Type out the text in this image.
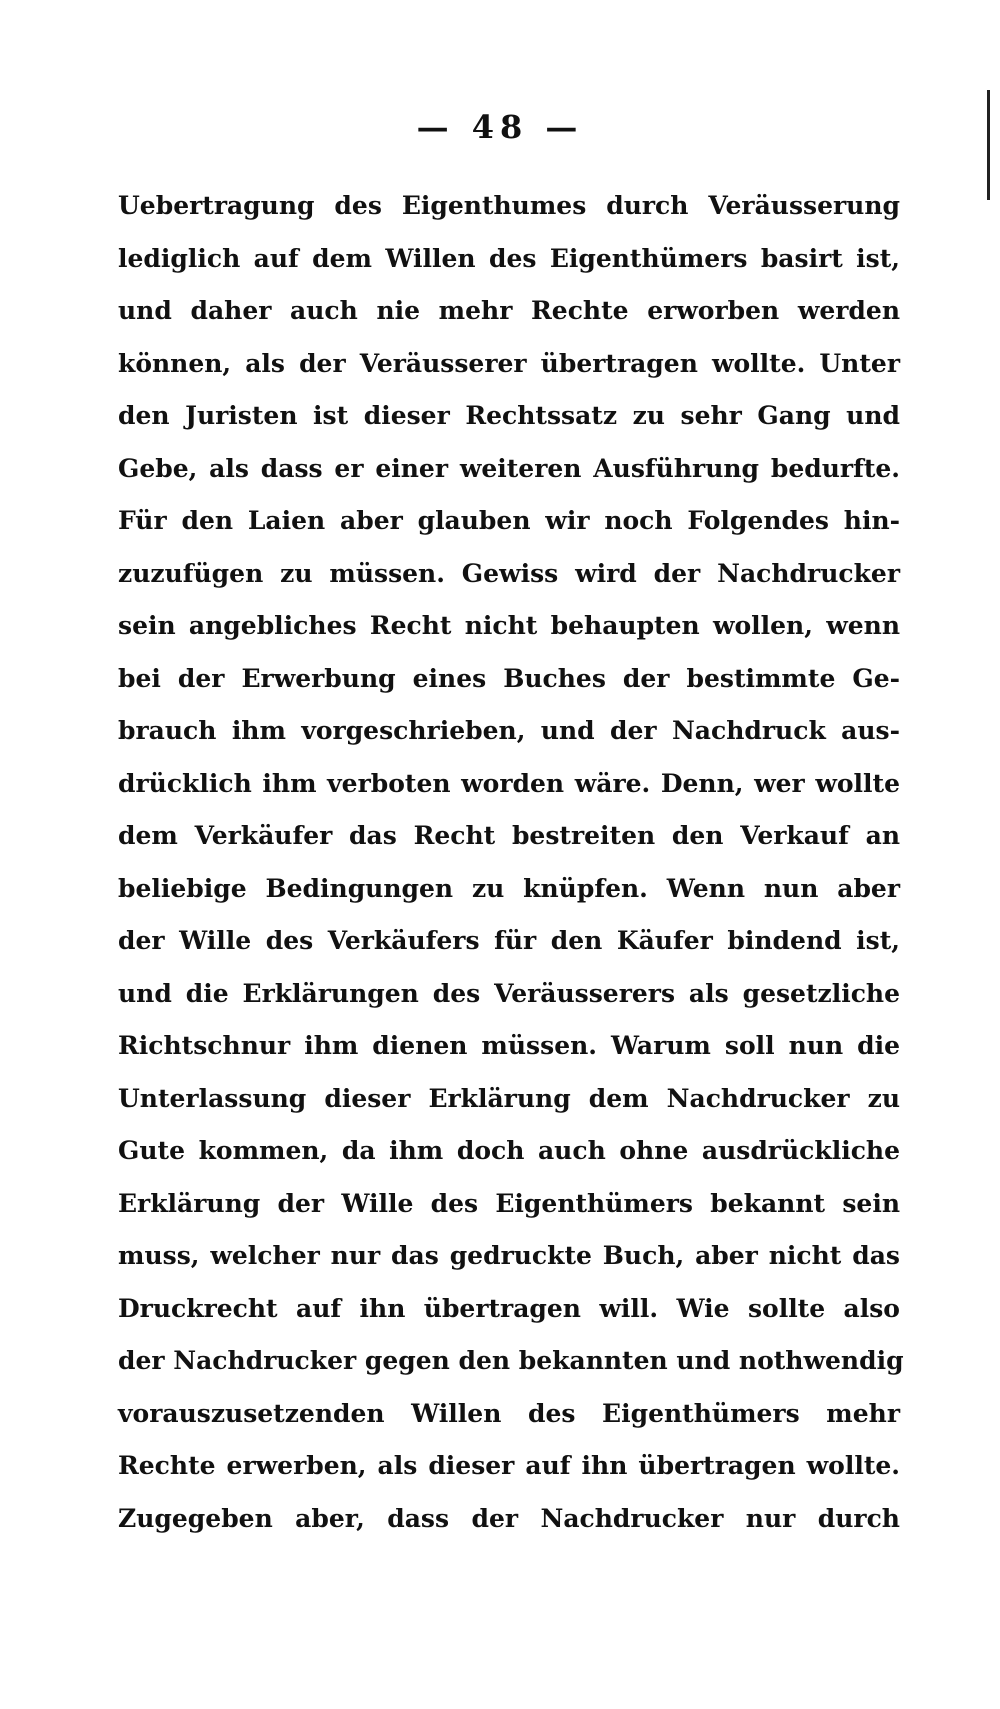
— 48 —
Uebertragung des Eigenthumes durch Veräusserung
lediglich auf dem Willen des Eigenthümers basirt ist,
und daher auch nie mehr Rechte erworben werden
können, als der Veräusserer übertragen wollte. Unter
den Juristen ist dieser Rechtssatz zu sehr Gang und
Gebe, als dass er einer weiteren Ausführung bedurfte.
Für den Laien aber glauben wir noch Folgendes hin-
zuzufügen zu müssen. Gewiss wird der Nachdrucker
sein angebliches Recht nicht behaupten wollen, wenn
bei der Erwerbung eines Buches der bestimmte Ge-
brauch ihm vorgeschrieben, und der Nachdruck aus-
drücklich ihm verboten worden wäre. Denn, wer wollte
dem Verkäufer das Recht bestreiten den Verkauf an
beliebige Bedingungen zu knüpfen. Wenn nun aber
der Wille des Verkäufers für den Käufer bindend ist,
und die Erklärungen des Veräusserers als gesetzliche
Richtschnur ihm dienen müssen. Warum soll nun die
Unterlassung dieser Erklärung dem Nachdrucker zu
Gute kommen, da ihm doch auch ohne ausdrückliche
Erklärung der Wille des Eigenthümers bekannt sein
muss, welcher nur das gedruckte Buch, aber nicht das
Druckrecht auf ihn übertragen will. Wie sollte also
der Nachdrucker gegen den bekannten und nothwendig
vorauszusetzenden Willen des Eigenthümers mehr
Rechte erwerben, als dieser auf ihn übertragen wollte.
Zugegeben aber, dass der Nachdrucker nur durch
